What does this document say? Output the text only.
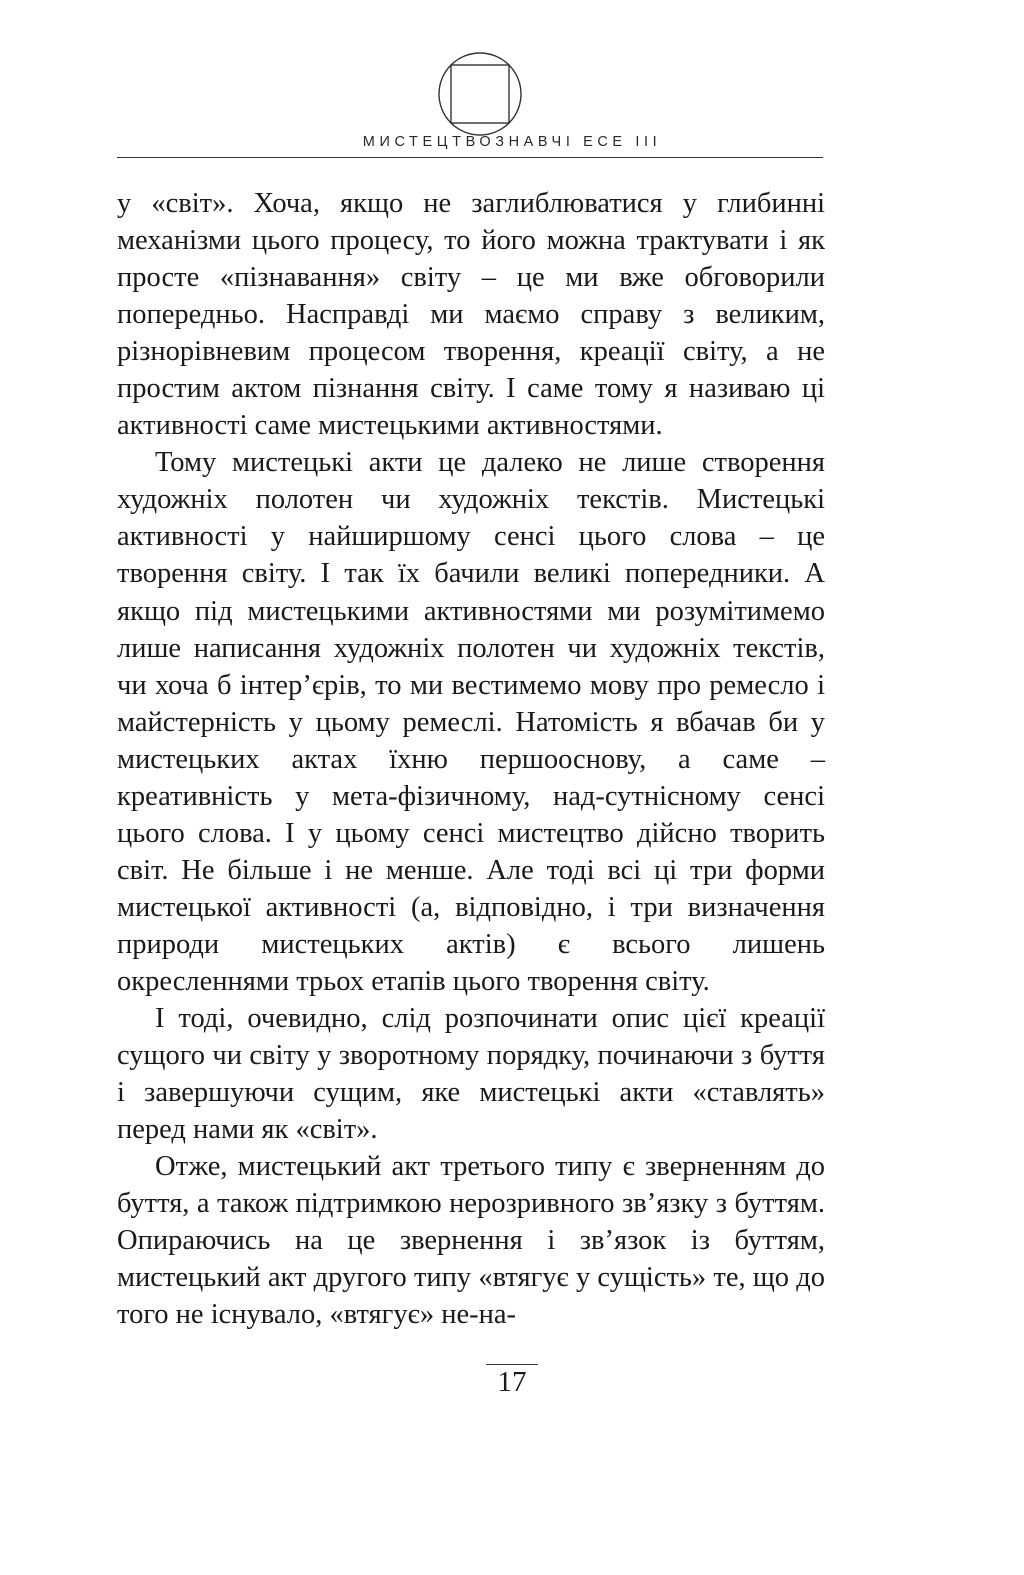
МИСТЕЦТВОЗНАВЧІ ЕСЕ III

у «світ». Хоча, якщо не заглиблюватися у глибинні механізми цього процесу, то його можна трактувати і як просте «пізнавання» світу – це ми вже обговорили попередньо. Насправді ми маємо справу з великим, різнорівневим процесом творення, креації світу, а не простим актом пізнання світу. І саме тому я називаю ці активності саме мистецькими активностями.

Тому мистецькі акти це далеко не лише створення художніх полотен чи художніх текстів. Мистецькі активності у найширшому сенсі цього слова – це творення світу. І так їх бачили великі попередники. А якщо під мистецькими активностями ми розумітимемо лише написання художніх полотен чи художніх текстів, чи хоча б інтер’єрів, то ми вестимемо мову про ремесло і майстерність у цьому ремеслі. Натомість я вбачав би у мистецьких актах їхню першооснову, а саме – креативність у мета-фізичному, над-сутнісному сенсі цього слова. І у цьому сенсі мистецтво дійсно творить світ. Не більше і не менше. Але тоді всі ці три форми мистецької активності (а, відповідно, і три визначення природи мистецьких актів) є всього лишень окресленнями трьох етапів цього творення світу.

І тоді, очевидно, слід розпочинати опис цієї креації сущого чи світу у зворотному порядку, починаючи з буття і завершуючи сущим, яке мистецькі акти «ставлять» перед нами як «світ».

Отже, мистецький акт третього типу є зверненням до буття, а також підтримкою нерозривного зв’язку з буттям. Опираючись на це звернення і зв’язок із буттям, мистецький акт другого типу «втягує у сущість» те, що до того не існувало, «втягує» не-на-

17
